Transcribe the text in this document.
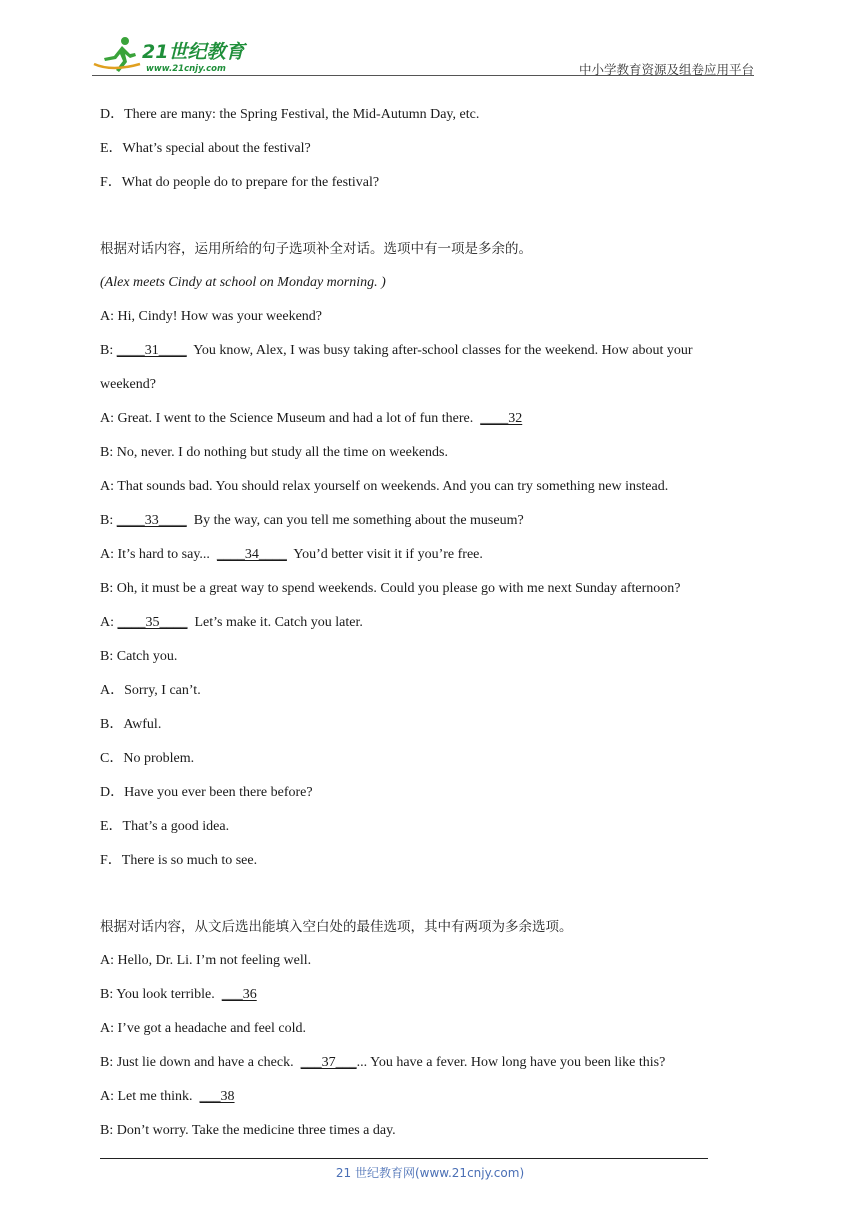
21世纪教育
www.21cnjy.com	中小学教育资源及组卷应用平台
D．There are many: the Spring Festival, the Mid-Autumn Day, etc.
E．What’s special about the festival?
F．What do people do to prepare for the festival?
根据对话内容，运用所给的句子选项补全对话。选项中有一项是多余的。
(Alex meets Cindy at school on Monday morning. )
A: Hi, Cindy! How was your weekend?
B: ____31____  You know, Alex, I was busy taking after-school classes for the weekend. How about your
weekend?
A: Great. I went to the Science Museum and had a lot of fun there.  ____32
B: No, never. I do nothing but study all the time on weekends.
A: That sounds bad. You should relax yourself on weekends. And you can try something new instead.
B: ____33____  By the way, can you tell me something about the museum?
A: It’s hard to say...  ____34____  You’d better visit it if you’re free.
B: Oh, it must be a great way to spend weekends. Could you please go with me next Sunday afternoon?
A: ____35____  Let’s make it. Catch you later.
B: Catch you.
A．Sorry, I can’t.
B．Awful.
C．No problem.
D．Have you ever been there before?
E．That’s a good idea.
F．There is so much to see.
根据对话内容，从文后选出能填入空白处的最佳选项，其中有两项为多余选项。
A: Hello, Dr. Li. I’m not feeling well.
B: You look terrible.  ___36
A: I’ve got a headache and feel cold.
B: Just lie down and have a check.  ___37___... You have a fever. How long have you been like this?
A: Let me think.  ___38
B: Don’t worry. Take the medicine three times a day.
21 世纪教育网(www.21cnjy.com)
